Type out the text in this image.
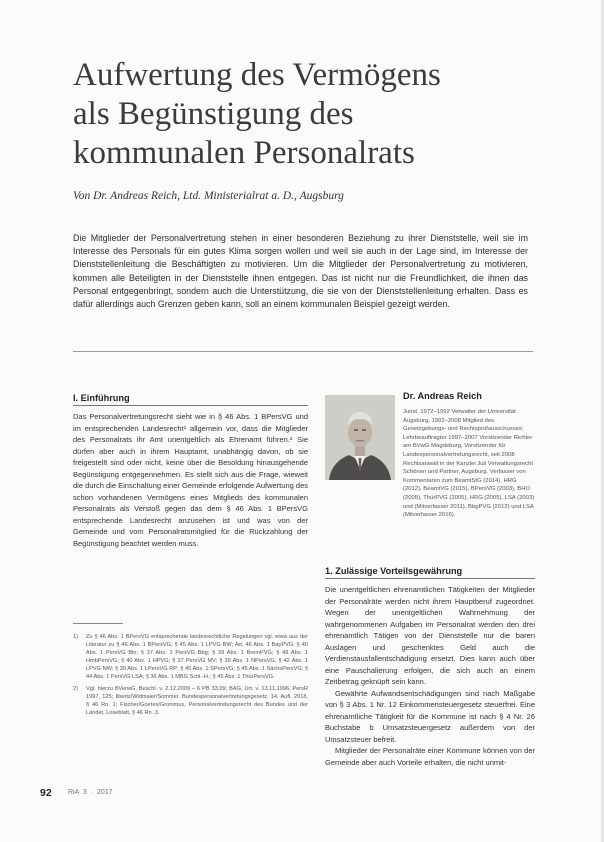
Aufwertung des Vermögens
als Begünstigung des
kommunalen Personalrats
Von Dr. Andreas Reich, Ltd. Ministerialrat a. D., Augsburg
Die Mitglieder der Personalvertretung stehen in einer besonderen Beziehung zu ihrer Dienststelle, weil sie im Interesse des Personals für ein gutes Klima sorgen wollen und weil sie auch in der Lage sind, im Interesse der Dienststellenleitung die Beschäftigten zu motivieren. Um die Mitglieder der Personalvertretung zu motivieren, kommen alle Beteiligten in der Dienststelle ihnen entgegen. Das ist nicht nur die Freundlichkeit, die ihnen das Personal entgegenbringt, sondern auch die Unterstützung, die sie von der Dienststellenleitung erhalten. Dass es dafür allerdings auch Grenzen geben kann, soll an einem kommunalen Beispiel gezeigt werden.
I. Einführung
Das Personalvertretungsrecht sieht wie in § 46 Abs. 1 BPersVG und im entsprechenden Landesrecht¹ allgemein vor, dass die Mitglieder des Personalrats ihr Amt unentgeltlich als Ehrenamt führen.² Sie dürfen aber auch in ihrem Hauptamt, unabhängig davon, ob sie freigestellt sind oder nicht, keine über die Besoldung hinausgehende Begünstigung entgegennehmen. Es stellt sich aus die Frage, wieweit die durch die Einschaltung einer Gemeinde erfolgende Aufwertung des schon vorhandenen Vermögens eines Mitglieds des kommunalen Personalrats als Verstoß gegen das dem § 46 Abs. 1 BPersVG entsprechende Landesrecht anzusehen ist und was von der Gemeinde und vom Personalratsmitglied für die Rückzahlung der Begünstigung beachtet werden muss.
Dr. Andreas Reich
Jurist, 1972–1992 Verwalter der Universität Augsburg, 1992–2008 Mitglied des Gesetzgebungs- und Rechtsprüfausschusses; Lehrbeauftragter 1997–2007 Vorsitzender Richter am BVwG Magdeburg, Vorsitzender für Landespersonalvertretungsrecht, seit 2008 Rechtsanwalt in der Kanzlei Juli Verwaltungsrecht Schönen und Partner, Augsburg. Verfasser von Kommentaren zum BeamtStG (2014), HRG (2012), BeamtVG (2015), BPersVG (2003), BHO (2005), ThürPVG (2005), HRG (2005), LSA (2003) und (Mitverfasser 2011), BbgPVG (2012) und LSA (Mitverfasser 2016).
1. Zulässige Vorteilsgewährung
Die unentgeltlichen ehrenamtlichen Tätigkeiten der Mitglieder der Personalräte werden nicht ihrem Hauptberuf zugeordnet. Wegen der unentgeltlichen Wahrnehmung der wahrgenommenen Aufgaben im Personalrat werden den drei ehrenamtlich Tätigen von der Dienststelle nur die baren Auslagen und geschenktes Geld auch die Verdienstausfallentschädigung ersetzt. Dies kann auch über eine Pauschalierung erfolgen, die sich auch an einem Zeitbetrag geknüpft sein kann.
Gewährte Aufwandsentschädigungen sind nach Maßgabe von § 3 Abs. 1 Nr. 12 Einkommensteuergesetz steuerfrei. Eine ehrenamtliche Tätigkeit für die Kommune ist nach § 4 Nr. 26 Buchstabe b Umsatzsteuergesetz außerdem von der Umsatzsteuer befreit.
Mitglieder der Personalräte einer Kommune können von der Gemeinde aber auch Vorteile erhalten, die nicht unmit-
1)	Zu § 46 Abs. 1 BPersVG entsprechende landesrechtliche Regelungen vgl. etwa aus der Literatur zu § 46 Abs. 1 BPersVG; § 45 Abs. 1 LPVG BW; Art. 46 Abs. 1 BayPVG; § 40 Abs. 1 PersVG Bln; § 37 Abs. 1 PersVG Bbg; § 39 Abs. 1 BremPVG; § 49 Abs. 1 HmbPersVG; § 40 Abs. 1 HPVG; § 37 PersVG MV; § 39 Abs. 1 NPersVG; § 42 Abs. 1 LPVG NW; § 39 Abs. 1 LPersVG RP; § 45 Abs. 1 SPersVG; § 45 Abs. 1 SächsPersVG; § 44 Abs. 1 PersVG LSA; § 36 Abs. 1 MBG Schl.-H.; § 45 Abs. 1 ThürPersVG.
2)	Vgl. hierzu BVerwG, Beschl. v. 2.12.2009 – 6 PB 33.09; BAG, Urt. v. 13.11.1996, PersR 1997, 125; Ilbertz/Widmaier/Sommer, Bundespersonalvertretungsgesetz, 14. Aufl. 2018, § 46 Rn. 1; Fischer/Goeres/Gronimus, Personalvertretungsrecht des Bundes und der Länder, Loseblatt, § 46 Rn. 3.
92 RiA 3 · 2017
